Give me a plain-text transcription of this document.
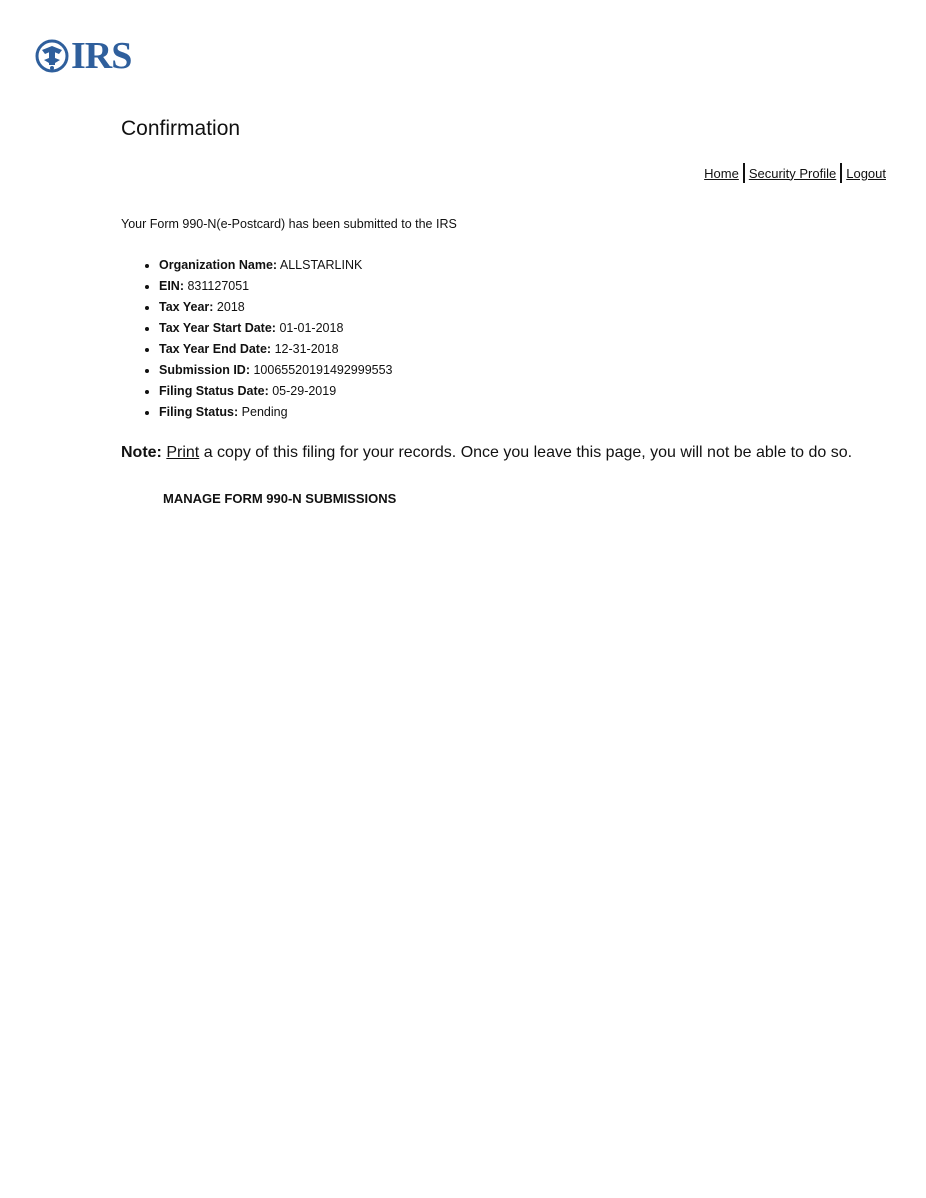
IRS
Confirmation
Home Security Profile Logout
Your Form 990-N(e-Postcard) has been submitted to the IRS
• Organization Name: ALLSTARLINK
• EIN: 831127051
• Tax Year: 2018
• Tax Year Start Date: 01-01-2018
• Tax Year End Date: 12-31-2018
• Submission ID: 10065520191492999553
• Filing Status Date: 05-29-2019
• Filing Status: Pending
Note: Print a copy of this filing for your records. Once you leave this page, you will not be able to do so.
MANAGE FORM 990-N SUBMISSIONS
